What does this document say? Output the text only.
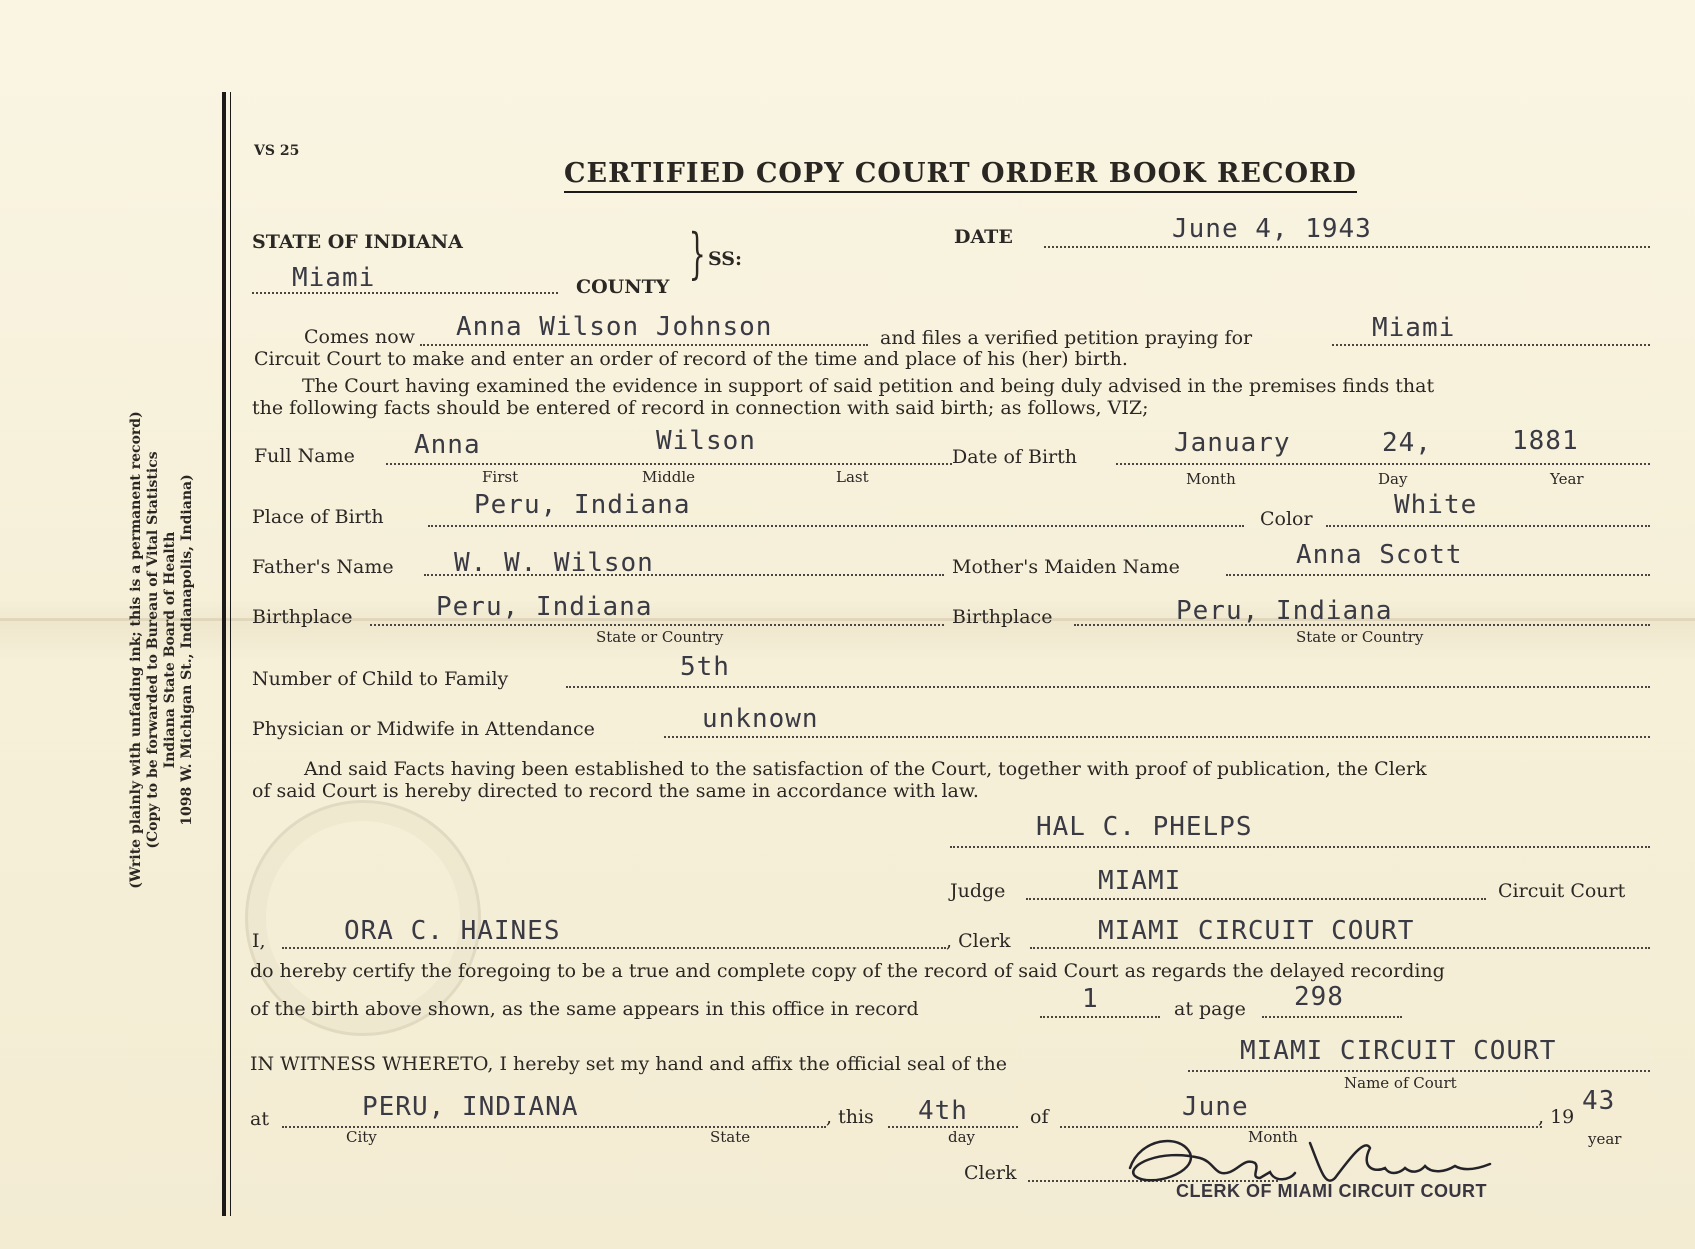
(Write plainly with unfading ink; this is a permanent record) (Copy to be forwarded to Bureau of Vital Statistics Indiana State Board of Health 1098 W. Michigan St., Indianapolis, Indiana)
VS 25
CERTIFIED COPY COURT ORDER BOOK RECORD
STATE OF INDIANA
Miami	COUNTY
} SS:
DATE	June 4, 1943
Comes now Anna Wilson Johnson	and files a verified petition praying for	Miami
Circuit Court to make and enter an order of record of the time and place of his (her) birth.
The Court having examined the evidence in support of said petition and being duly advised in the premises finds that
the following facts should be entered of record in connection with said birth; as follows, VIZ;
Full Name Anna	Wilson
First	Middle	Last
Date of Birth	January	24,	1881
Month	Day	Year
Place of Birth	Peru, Indiana	Color	White
Father's Name W. W. Wilson	Mother's Maiden Name	Anna Scott
Birthplace	Peru, Indiana
State or Country
Birthplace	Peru, Indiana
State or Country
Number of Child to Family	5th
Physician or Midwife in Attendance	unknown
And said Facts having been established to the satisfaction of the Court, together with proof of publication, the Clerk
of said Court is hereby directed to record the same in accordance with law.
HAL C. PHELPS
Judge	MIAMI	Circuit Court
I,	ORA C. HAINES	, Clerk	MIAMI CIRCUIT COURT
do hereby certify the foregoing to be a true and complete copy of the record of said Court as regards the delayed recording
of the birth above shown, as the same appears in this office in record	1	at page 298
IN WITNESS WHERETO, I hereby set my hand and affix the official seal of the	MIAMI CIRCUIT COURT
Name of Court
at	PERU, INDIANA	, this 4th	of	June	, 19
43
City	State	day	Month	year
Clerk
CLERK OF MIAMI CIRCUIT COURT
